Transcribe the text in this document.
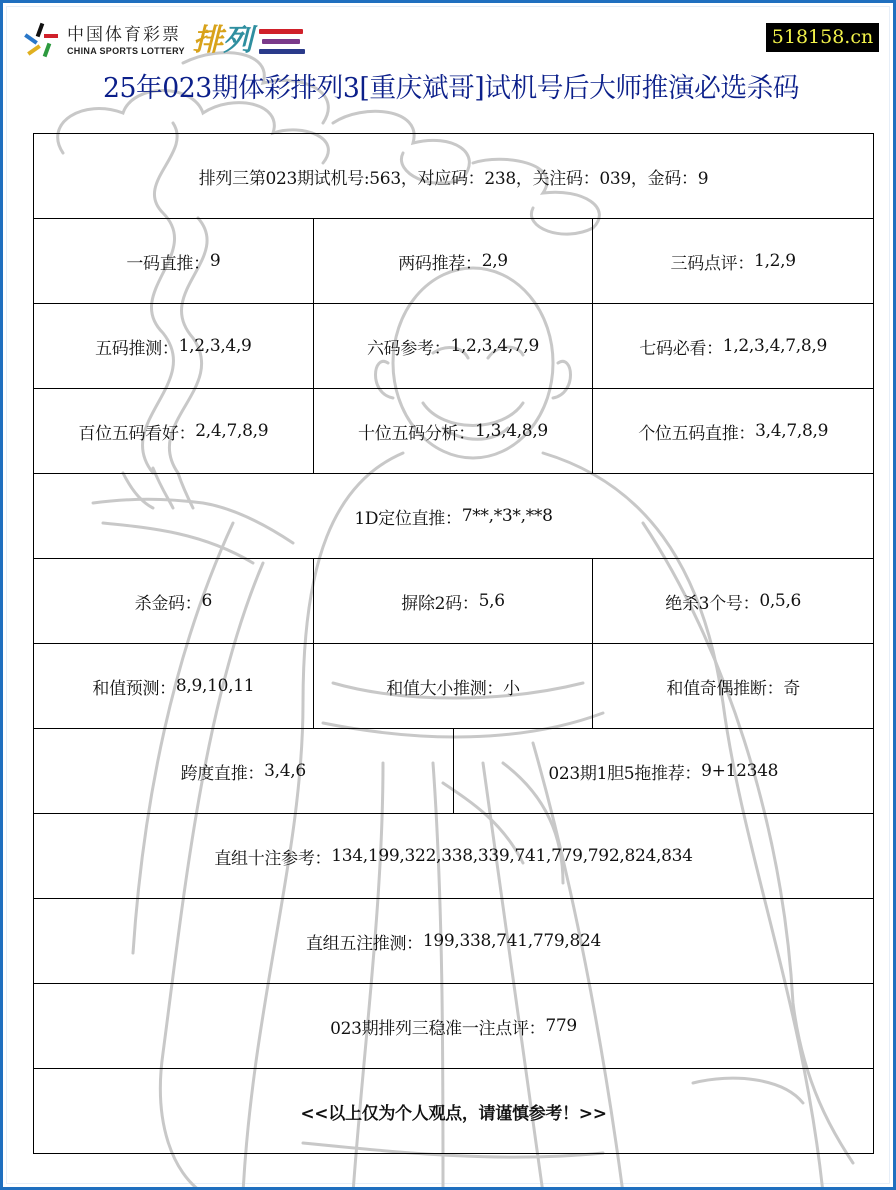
中国体育彩票
CHINA SPORTS LOTTERY 排 列	518158.cn
25年023期体彩排列3[重庆斌哥]试机号后大师推演必选杀码
排列三第023期试机号:563，对应码：238，关注码：039，金码：9
一码直推： 9	两码推荐： 2,9	三码点评： 1,2,9
五码推测： 1,2,3,4,9	六码参考： 1,2,3,4,7,9	七码必看： 1,2,3,4,7,8,9
百位五码看好： 2,4,7,8,9	十位五码分析： 1,3,4,8,9	个位五码直推： 3,4,7,8,9
1D定位直推： 7**,*3*,**8
杀金码： 6	摒除2码： 5,6	绝杀3个号： 0,5,6
和值预测： 8,9,10,11	和值大小推测： 小	和值奇偶推断： 奇
跨度直推： 3,4,6	023期1胆5拖推荐： 9+12348
直组十注参考： 134,199,322,338,339,741,779,792,824,834
直组五注推测： 199,338,741,779,824
023期排列三稳准一注点评： 779
<<以上仅为个人观点，请谨慎参考！>>
